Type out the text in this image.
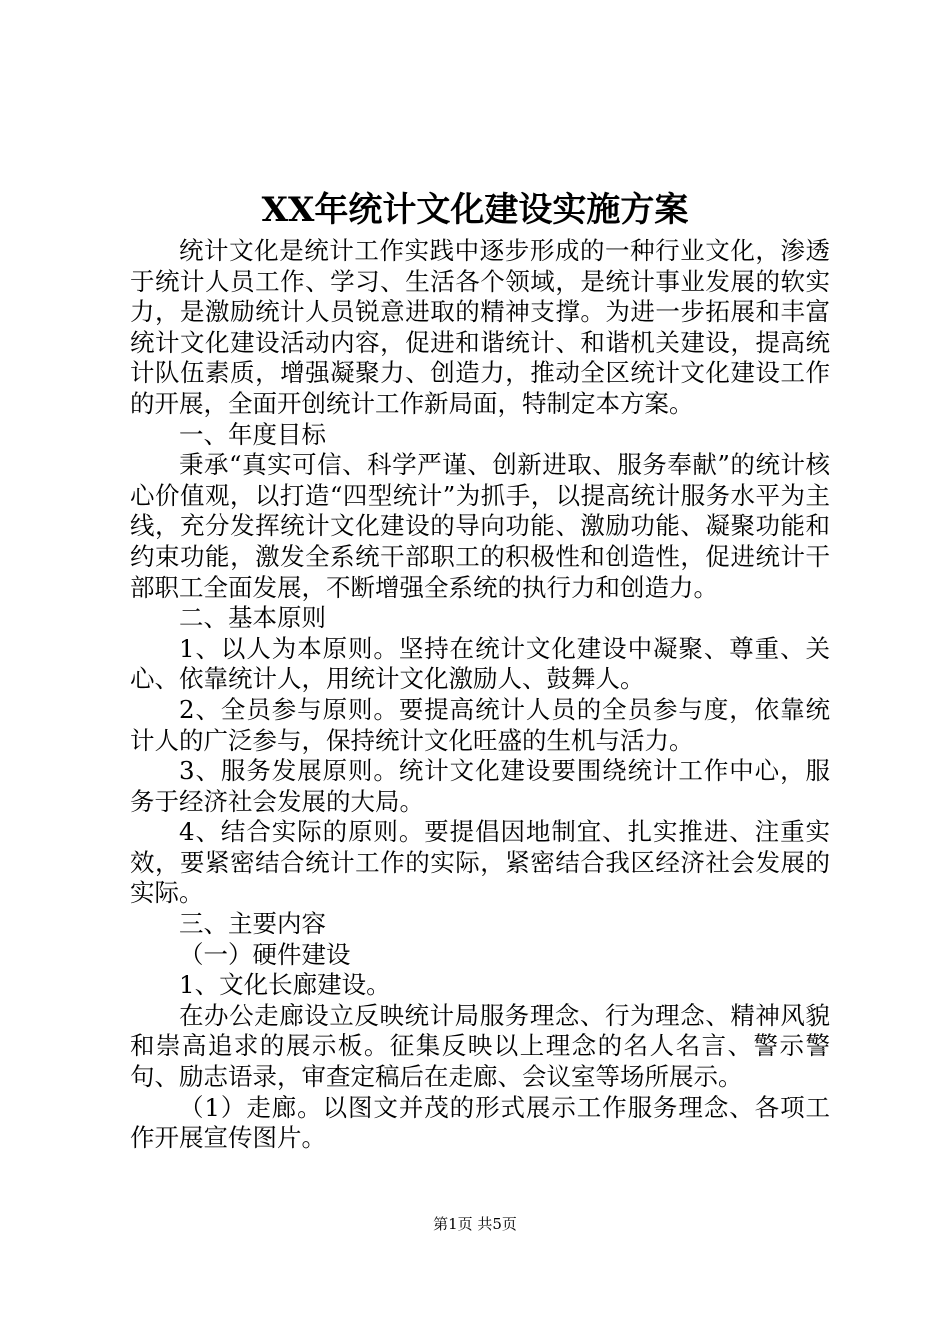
XX年统计文化建设实施方案

统计文化是统计工作实践中逐步形成的一种行业文化，渗透于统计人员工作、学习、生活各个领域，是统计事业发展的软实力，是激励统计人员锐意进取的精神支撑。为进一步拓展和丰富统计文化建设活动内容，促进和谐统计、和谐机关建设，提高统计队伍素质，增强凝聚力、创造力，推动全区统计文化建设工作的开展，全面开创统计工作新局面，特制定本方案。

一、年度目标

秉承“真实可信、科学严谨、创新进取、服务奉献”的统计核心价值观，以打造“四型统计”为抓手，以提高统计服务水平为主线，充分发挥统计文化建设的导向功能、激励功能、凝聚功能和约束功能，激发全系统干部职工的积极性和创造性，促进统计干部职工全面发展，不断增强全系统的执行力和创造力。

二、基本原则

1、以人为本原则。坚持在统计文化建设中凝聚、尊重、关心、依靠统计人，用统计文化激励人、鼓舞人。

2、全员参与原则。要提高统计人员的全员参与度，依靠统计人的广泛参与，保持统计文化旺盛的生机与活力。

3、服务发展原则。统计文化建设要围绕统计工作中心，服务于经济社会发展的大局。

4、结合实际的原则。要提倡因地制宜、扎实推进、注重实效，要紧密结合统计工作的实际，紧密结合我区经济社会发展的实际。

三、主要内容

（一）硬件建设

1、文化长廊建设。

在办公走廊设立反映统计局服务理念、行为理念、精神风貌和崇高追求的展示板。征集反映以上理念的名人名言、警示警句、励志语录，审查定稿后在走廊、会议室等场所展示。

（1）走廊。以图文并茂的形式展示工作服务理念、各项工作开展宣传图片。

第1页 共5页
